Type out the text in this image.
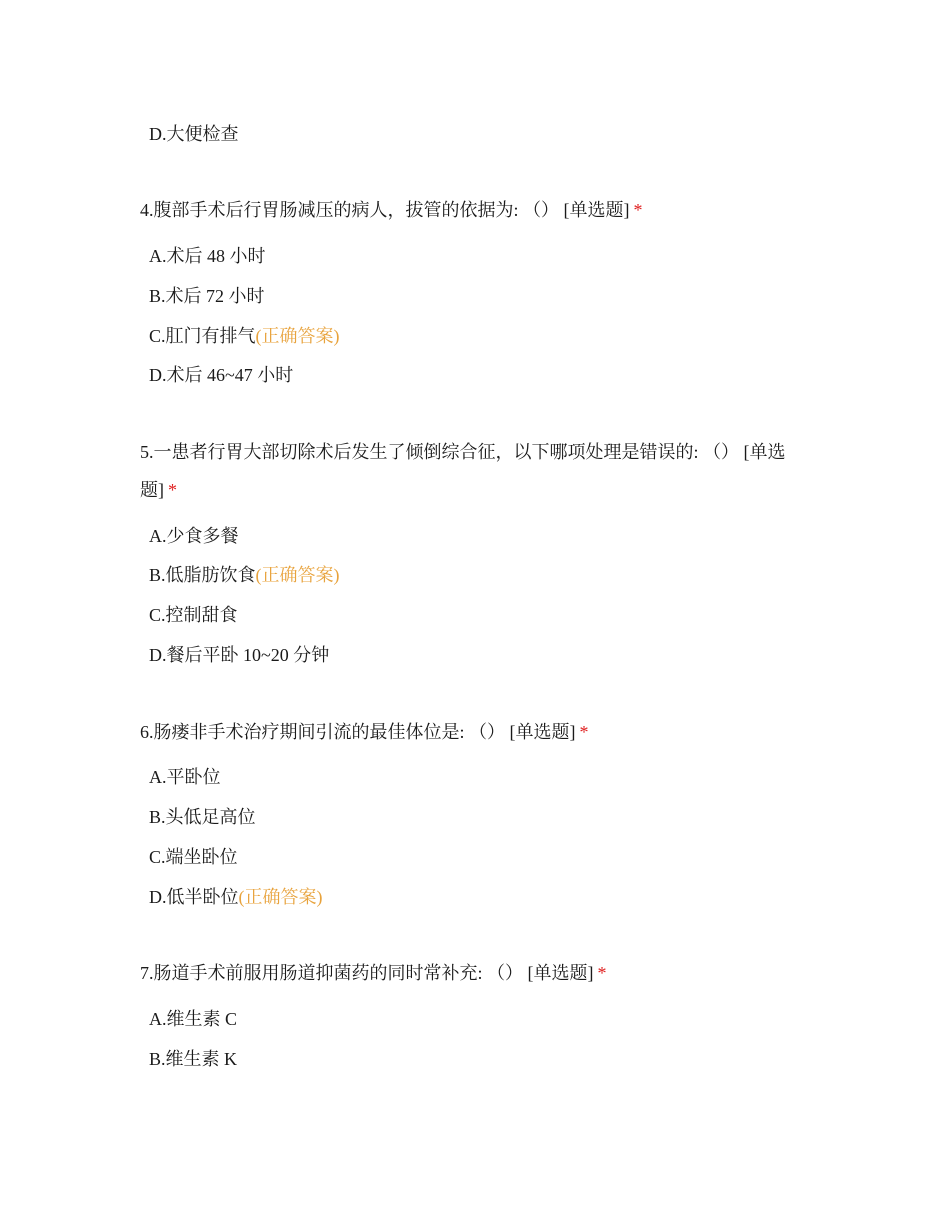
D.大便检查
4.腹部手术后行胃肠减压的病人，拔管的依据为: （） [单选题] *
A.术后 48 小时
B.术后 72 小时
C.肛门有排气(正确答案)
D.术后 46~47 小时
5.一患者行胃大部切除术后发生了倾倒综合征，以下哪项处理是错误的: （） [单选
题] *
A.少食多餐
B.低脂肪饮食(正确答案)
C.控制甜食
D.餐后平卧 10~20 分钟
6.肠瘘非手术治疗期间引流的最佳体位是: （） [单选题] *
A.平卧位
B.头低足高位
C.端坐卧位
D.低半卧位(正确答案)
7.肠道手术前服用肠道抑菌药的同时常补充: （） [单选题] *
A.维生素 C
B.维生素 K
